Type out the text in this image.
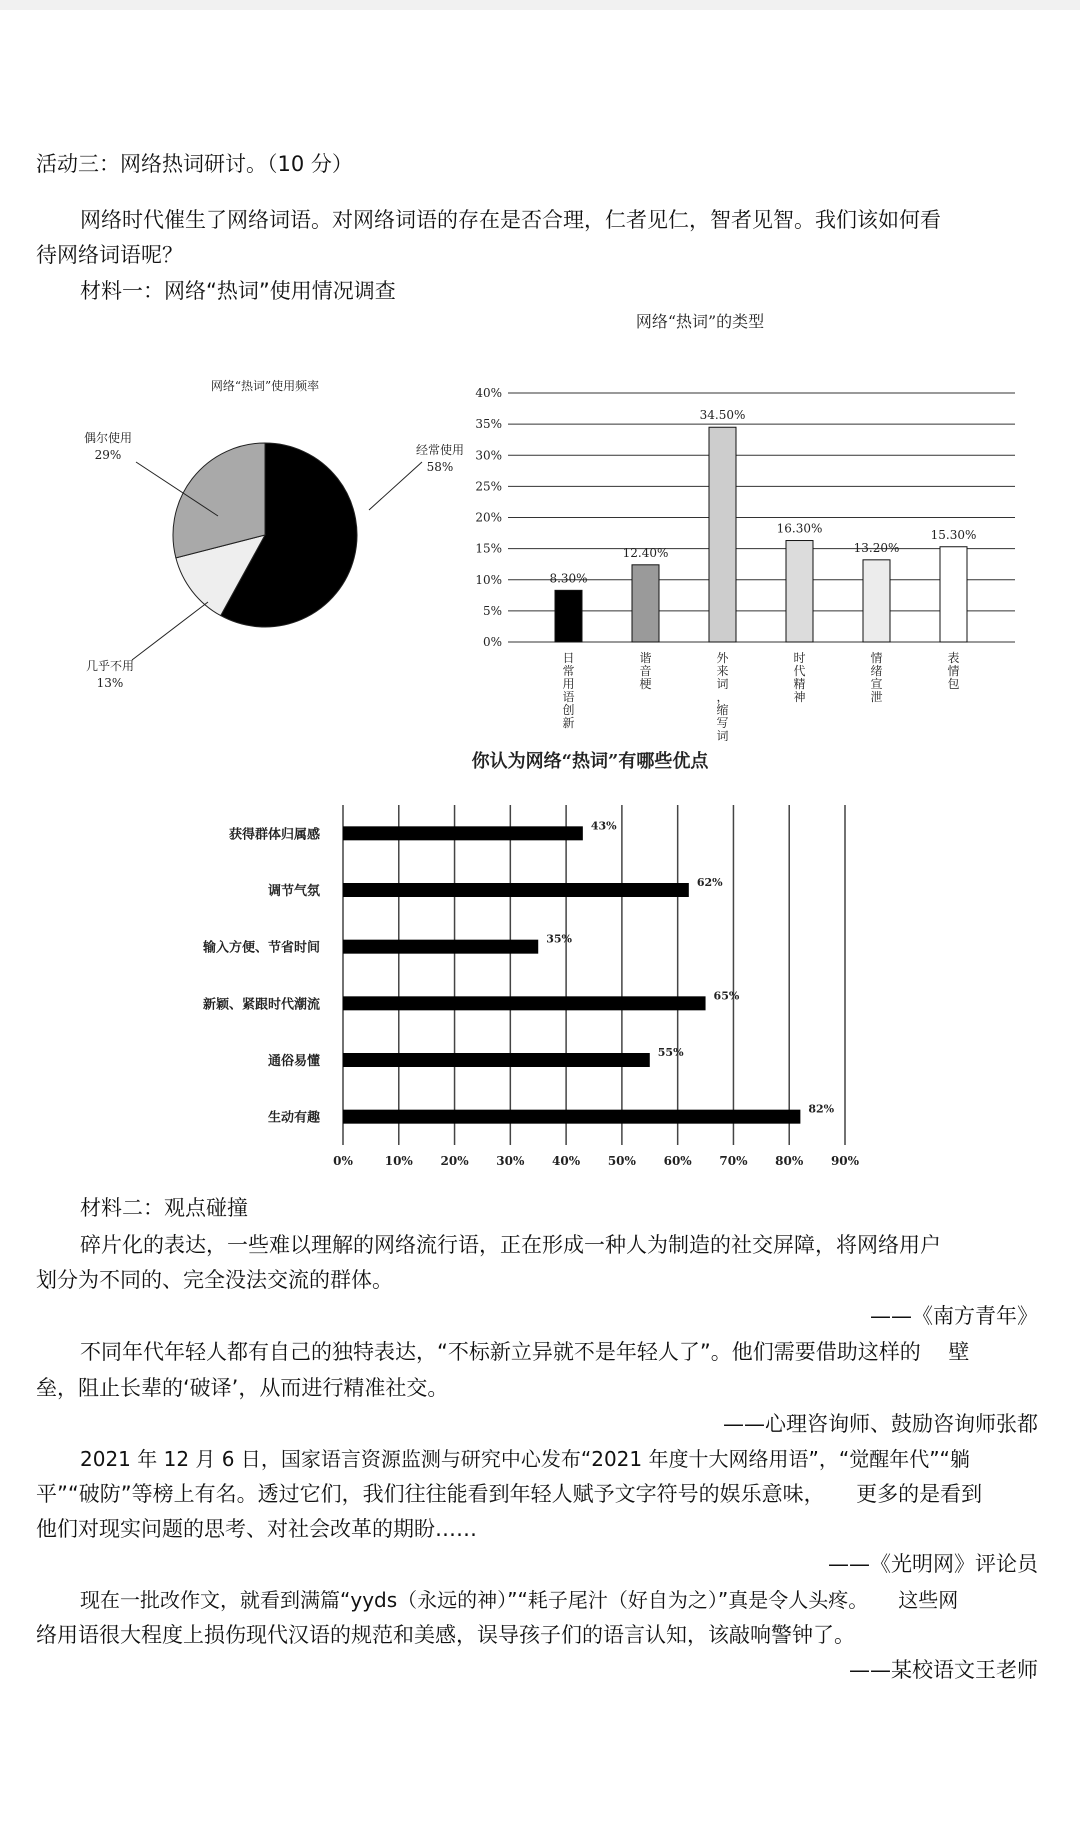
活动三：网络热词研讨。（10 分）
网络时代催生了网络词语。对网络词语的存在是否合理，仁者见仁，智者见智。我们该如何看
待网络词语呢？
材料一：网络“热词”使用情况调查
网络“热词”使用频率
经常使用
58%
偶尔使用
29%
几乎不用
13%
网络“热词”的类型
0%
5%
10%
15%
20%
25%
30%
35%
40%
8.30%
日常用语创新
12.40%
谐音梗
34.50%
外来词，缩写词
16.30%
时代精神
13.20%
情绪宣泄
15.30%
表情包
你认为网络“热词”有哪些优点
0%	10% 20% 30% 40% 50% 60% 70% 80% 90%
43%
获得群体归属感
62%
调节气氛
35%
输入方便、节省时间
65%
新颖、紧跟时代潮流
55%
通俗易懂
82%
生动有趣
材料二：观点碰撞
碎片化的表达，一些难以理解的网络流行语，正在形成一种人为制造的社交屏障，将网络用户
划分为不同的、完全没法交流的群体。
——《南方青年》
不同年代年轻人都有自己的独特表达，“不标新立异就不是年轻人了”。他们需要借助这样的　 壁
垒，阻止长辈的‘破译’，从而进行精准社交。
——心理咨询师、鼓励咨询师张都
2021 年 12 月 6 日，国家语言资源监测与研究中心发布“2021 年度十大网络用语”，“觉醒年代”“躺
平”“破防”等榜上有名。透过它们，我们往往能看到年轻人赋予文字符号的娱乐意味，　　更多的是看到
他们对现实问题的思考、对社会改革的期盼……
——《光明网》评论员
现在一批改作文，就看到满篇“yyds（永远的神）”“耗子尾汁（好自为之）”真是令人头疼。　　这些网
络用语很大程度上损伤现代汉语的规范和美感，误导孩子们的语言认知，该敲响警钟了。
——某校语文王老师
